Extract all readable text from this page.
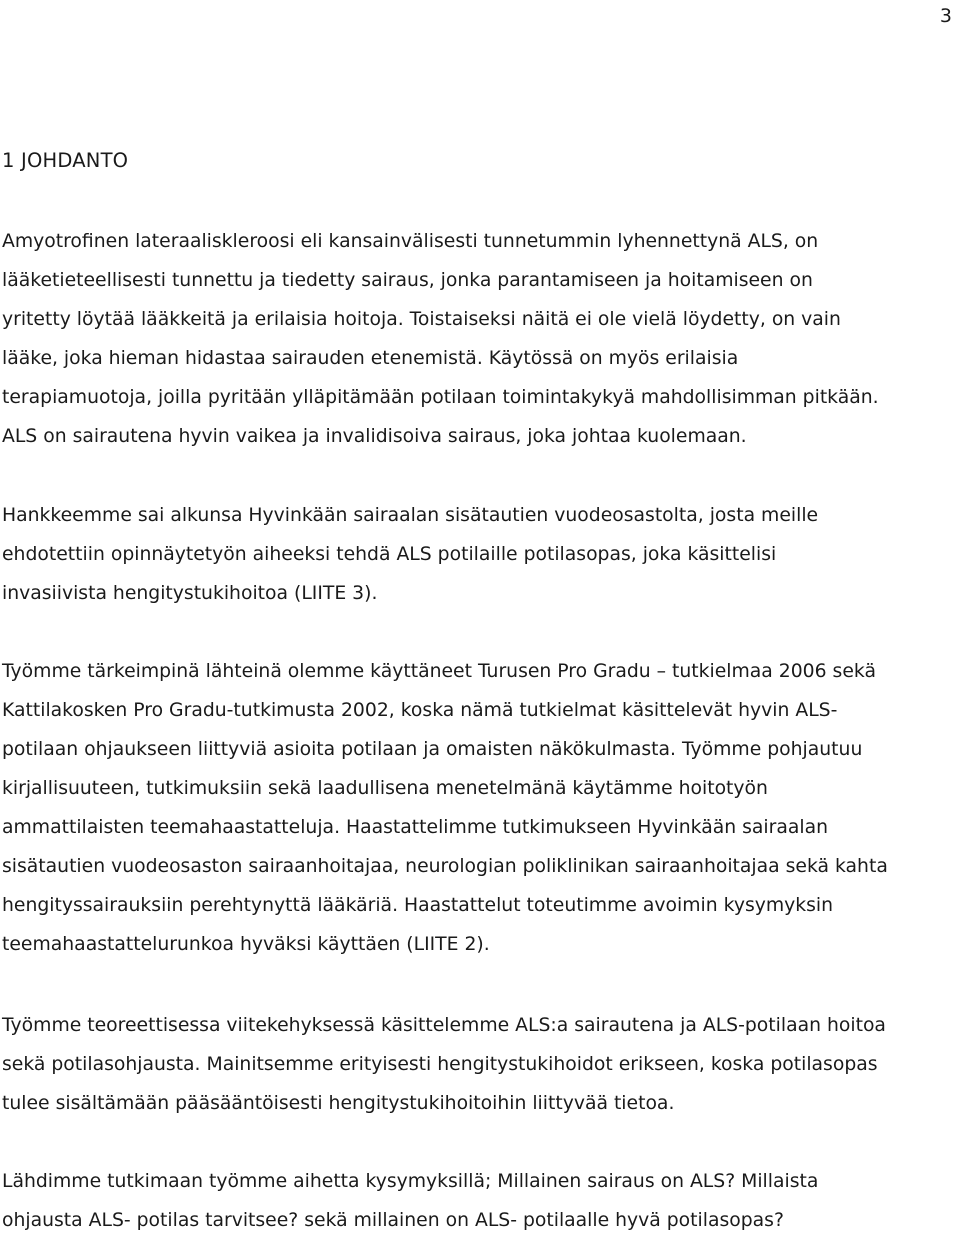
3
1 JOHDANTO
Amyotrofinen lateraaliskleroosi eli kansainvälisesti tunnetummin lyhennettynä ALS, on
lääketieteellisesti tunnettu ja tiedetty sairaus, jonka parantamiseen ja hoitamiseen on
yritetty löytää lääkkeitä ja erilaisia hoitoja. Toistaiseksi näitä ei ole vielä löydetty, on vain
lääke, joka hieman hidastaa sairauden etenemistä. Käytössä on myös erilaisia
terapiamuotoja, joilla pyritään ylläpitämään potilaan toimintakykyä mahdollisimman pitkään.
ALS on sairautena hyvin vaikea ja invalidisoiva sairaus, joka johtaa kuolemaan.
Hankkeemme sai alkunsa Hyvinkään sairaalan sisätautien vuodeosastolta, josta meille
ehdotettiin opinnäytetyön aiheeksi tehdä ALS potilaille potilasopas, joka käsittelisi
invasiivista hengitystukihoitoa (LIITE 3).
Työmme tärkeimpinä lähteinä olemme käyttäneet Turusen Pro Gradu – tutkielmaa 2006 sekä
Kattilakosken Pro Gradu-tutkimusta 2002, koska nämä tutkielmat käsittelevät hyvin ALS-
potilaan ohjaukseen liittyviä asioita potilaan ja omaisten näkökulmasta. Työmme pohjautuu
kirjallisuuteen, tutkimuksiin sekä laadullisena menetelmänä käytämme hoitotyön
ammattilaisten teemahaastatteluja. Haastattelimme tutkimukseen Hyvinkään sairaalan
sisätautien vuodeosaston sairaanhoitajaa, neurologian poliklinikan sairaanhoitajaa sekä kahta
hengityssairauksiin perehtynyttä lääkäriä. Haastattelut toteutimme avoimin kysymyksin
teemahaastattelurunkoa hyväksi käyttäen (LIITE 2).
Työmme teoreettisessa viitekehyksessä käsittelemme ALS:a sairautena ja ALS-potilaan hoitoa
sekä potilasohjausta. Mainitsemme erityisesti hengitystukihoidot erikseen, koska potilasopas
tulee sisältämään pääsääntöisesti hengitystukihoitoihin liittyvää tietoa.
Lähdimme tutkimaan työmme aihetta kysymyksillä; Millainen sairaus on ALS? Millaista
ohjausta ALS- potilas tarvitsee? sekä millainen on ALS- potilaalle hyvä potilasopas?
